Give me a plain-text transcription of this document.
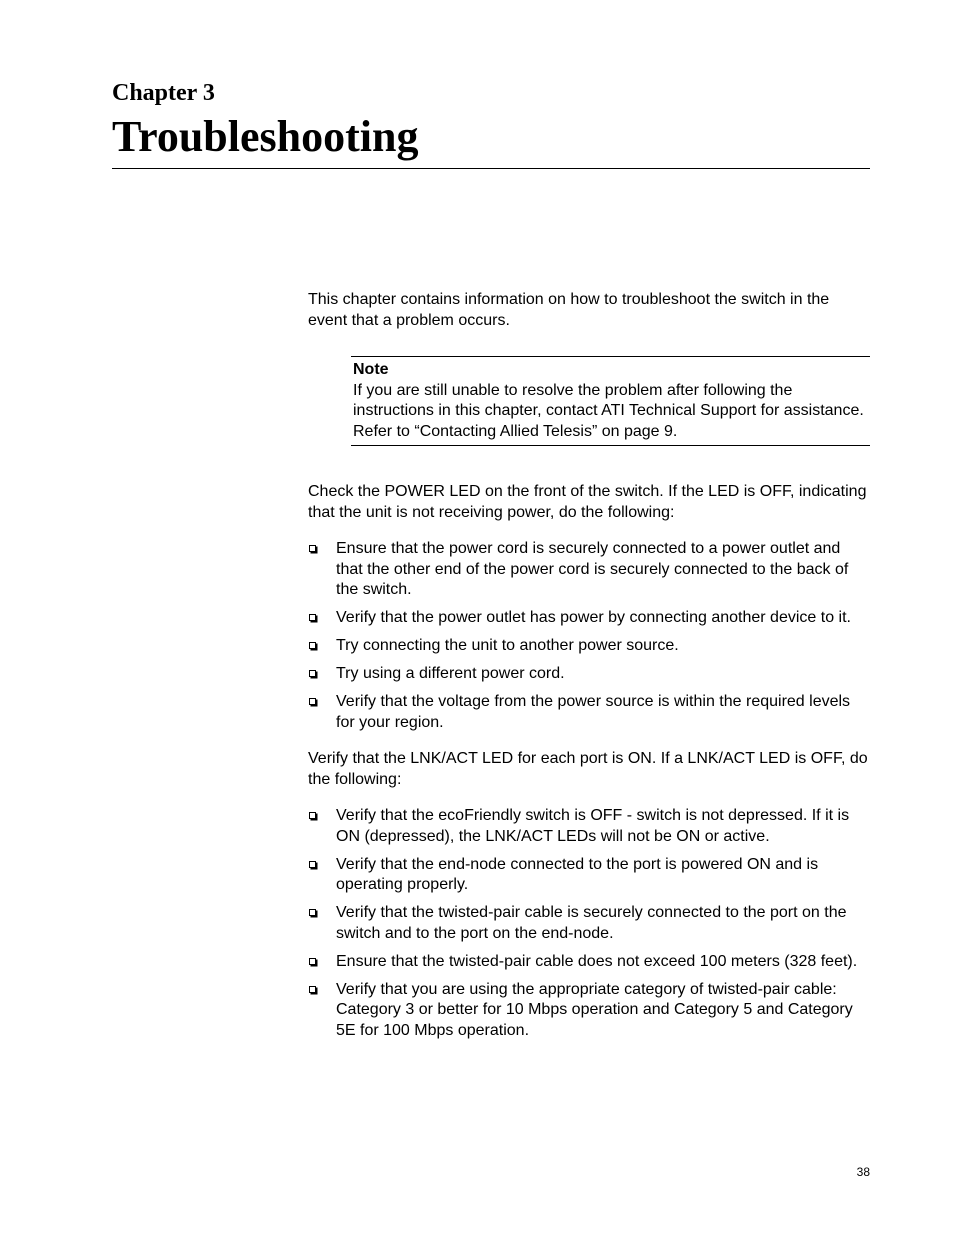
Chapter 3
Troubleshooting

This chapter contains information on how to troubleshoot the switch in the event that a problem occurs.

Note
If you are still unable to resolve the problem after following the instructions in this chapter, contact ATI Technical Support for assistance. Refer to “Contacting Allied Telesis” on page 9.

Check the POWER LED on the front of the switch. If the LED is OFF, indicating that the unit is not receiving power, do the following:

Ensure that the power cord is securely connected to a power outlet and that the other end of the power cord is securely connected to the back of the switch.
Verify that the power outlet has power by connecting another device to it.
Try connecting the unit to another power source.
Try using a different power cord.
Verify that the voltage from the power source is within the required levels for your region.

Verify that the LNK/ACT LED for each port is ON. If a LNK/ACT LED is OFF, do the following:

Verify that the ecoFriendly switch is OFF - switch is not depressed. If it is ON (depressed), the LNK/ACT LEDs will not be ON or active.
Verify that the end-node connected to the port is powered ON and is operating properly.
Verify that the twisted-pair cable is securely connected to the port on the switch and to the port on the end-node.
Ensure that the twisted-pair cable does not exceed 100 meters (328 feet).
Verify that you are using the appropriate category of twisted-pair cable: Category 3 or better for 10 Mbps operation and Category 5 and Category 5E for 100 Mbps operation.
38
